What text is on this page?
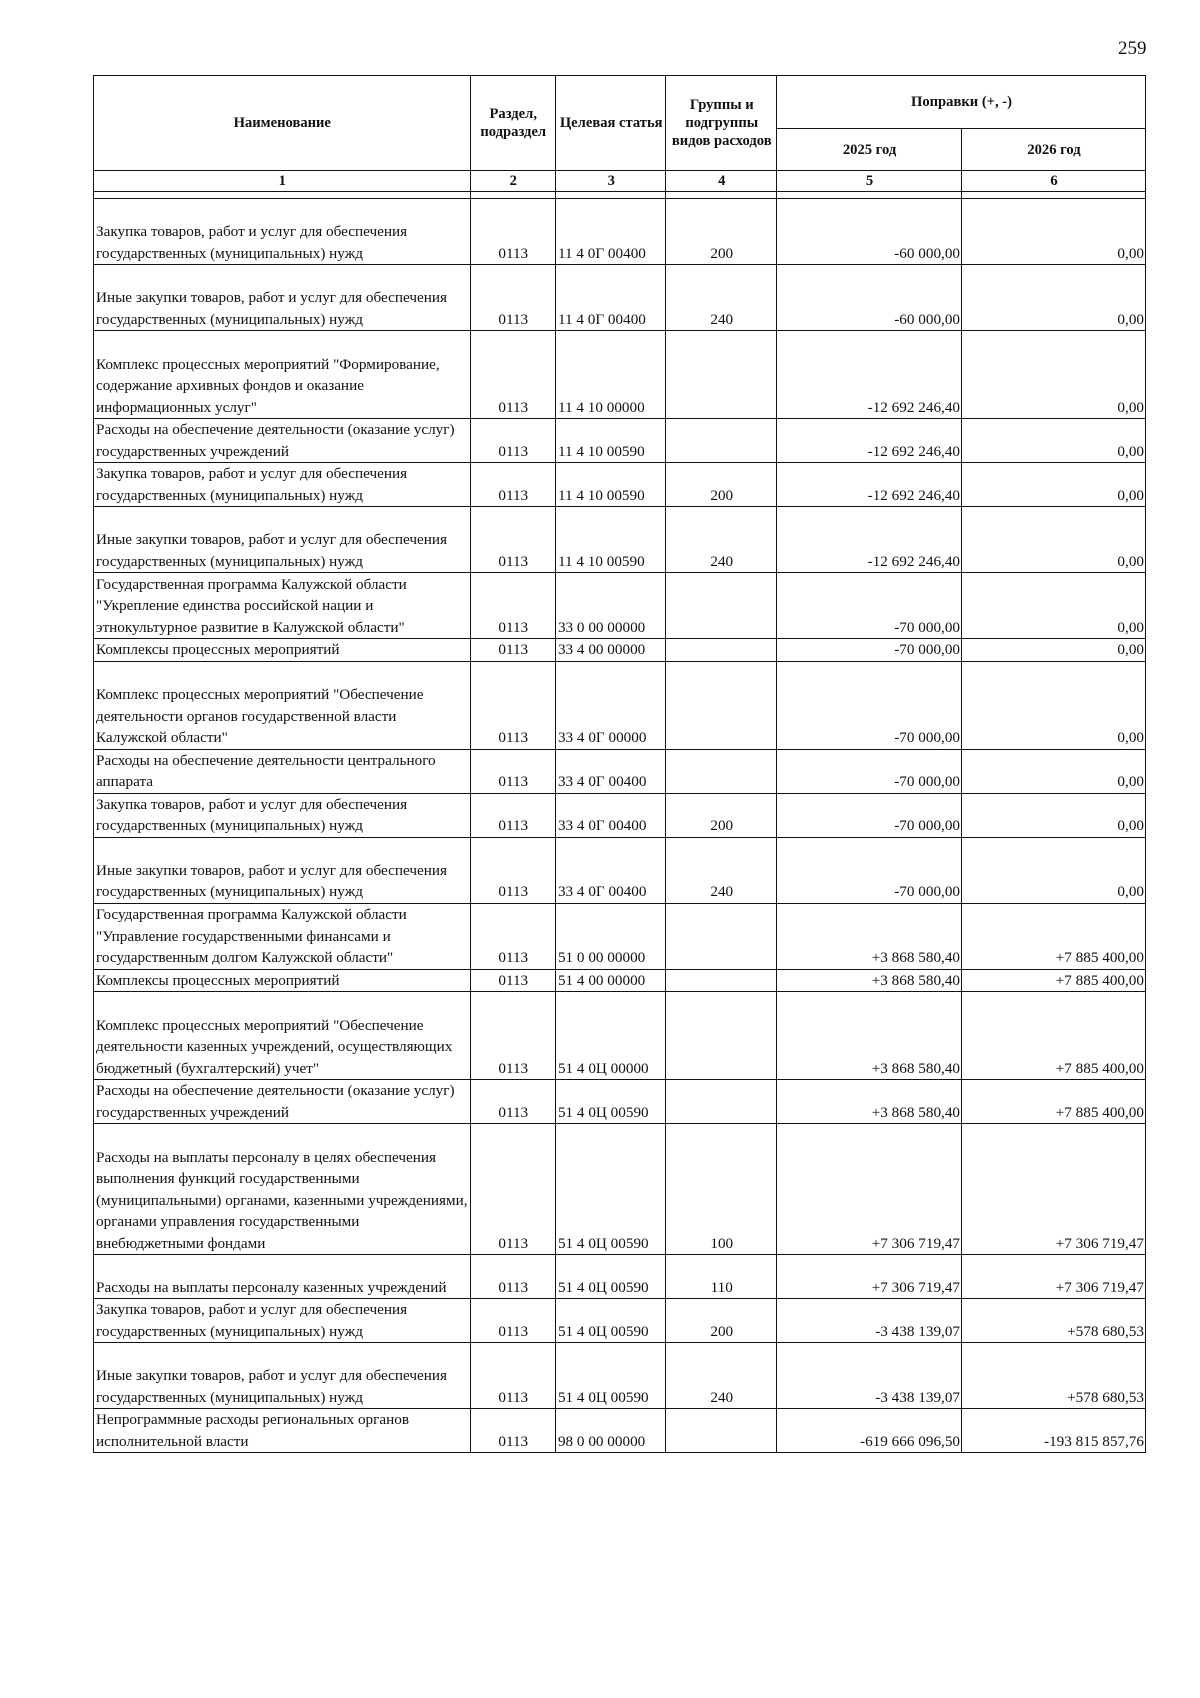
259
Наименование	Раздел, подраздел	Целевая статья	Группы и подгруппы видов расходов	Поправки (+, -)	
				2025 год	2026 год
1	2	3	4	5	6

Закупка товаров, работ и услуг для обеспечения государственных (муниципальных) нужд	0113	11 4 0Г 00400	200	-60 000,00	0,00
Иные закупки товаров, работ и услуг для обеспечения государственных (муниципальных) нужд	0113	11 4 0Г 00400	240	-60 000,00	0,00
Комплекс процессных мероприятий "Формирование, содержание архивных фондов и оказание информационных услуг"	0113	11 4 10 00000		-12 692 246,40	0,00
Расходы на обеспечение деятельности (оказание услуг) государственных учреждений	0113	11 4 10 00590		-12 692 246,40	0,00
Закупка товаров, работ и услуг для обеспечения государственных (муниципальных) нужд	0113	11 4 10 00590	200	-12 692 246,40	0,00
Иные закупки товаров, работ и услуг для обеспечения государственных (муниципальных) нужд	0113	11 4 10 00590	240	-12 692 246,40	0,00
Государственная программа Калужской области "Укрепление единства российской нации и этнокультурное развитие в Калужской области"	0113	33 0 00 00000		-70 000,00	0,00
Комплексы процессных мероприятий	0113	33 4 00 00000		-70 000,00	0,00
Комплекс процессных мероприятий "Обеспечение деятельности органов государственной власти Калужской области"	0113	33 4 0Г 00000		-70 000,00	0,00
Расходы на обеспечение деятельности центрального аппарата	0113	33 4 0Г 00400		-70 000,00	0,00
Закупка товаров, работ и услуг для обеспечения государственных (муниципальных) нужд	0113	33 4 0Г 00400	200	-70 000,00	0,00
Иные закупки товаров, работ и услуг для обеспечения государственных (муниципальных) нужд	0113	33 4 0Г 00400	240	-70 000,00	0,00
Государственная программа Калужской области "Управление государственными финансами и государственным долгом Калужской области"	0113	51 0 00 00000		+3 868 580,40	+7 885 400,00
Комплексы процессных мероприятий	0113	51 4 00 00000		+3 868 580,40	+7 885 400,00
Комплекс процессных мероприятий "Обеспечение деятельности казенных учреждений, осуществляющих бюджетный (бухгалтерский) учет"	0113	51 4 0Ц 00000		+3 868 580,40	+7 885 400,00
Расходы на обеспечение деятельности (оказание услуг) государственных учреждений	0113	51 4 0Ц 00590		+3 868 580,40	+7 885 400,00
Расходы на выплаты персоналу в целях обеспечения выполнения функций государственными (муниципальными) органами, казенными учреждениями, органами управления государственными внебюджетными фондами	0113	51 4 0Ц 00590	100	+7 306 719,47	+7 306 719,47
Расходы на выплаты персоналу казенных учреждений	0113	51 4 0Ц 00590	110	+7 306 719,47	+7 306 719,47
Закупка товаров, работ и услуг для обеспечения государственных (муниципальных) нужд	0113	51 4 0Ц 00590	200	-3 438 139,07	+578 680,53
Иные закупки товаров, работ и услуг для обеспечения государственных (муниципальных) нужд	0113	51 4 0Ц 00590	240	-3 438 139,07	+578 680,53
Непрограммные расходы региональных органов исполнительной власти	0113	98 0 00 00000		-619 666 096,50	-193 815 857,76
